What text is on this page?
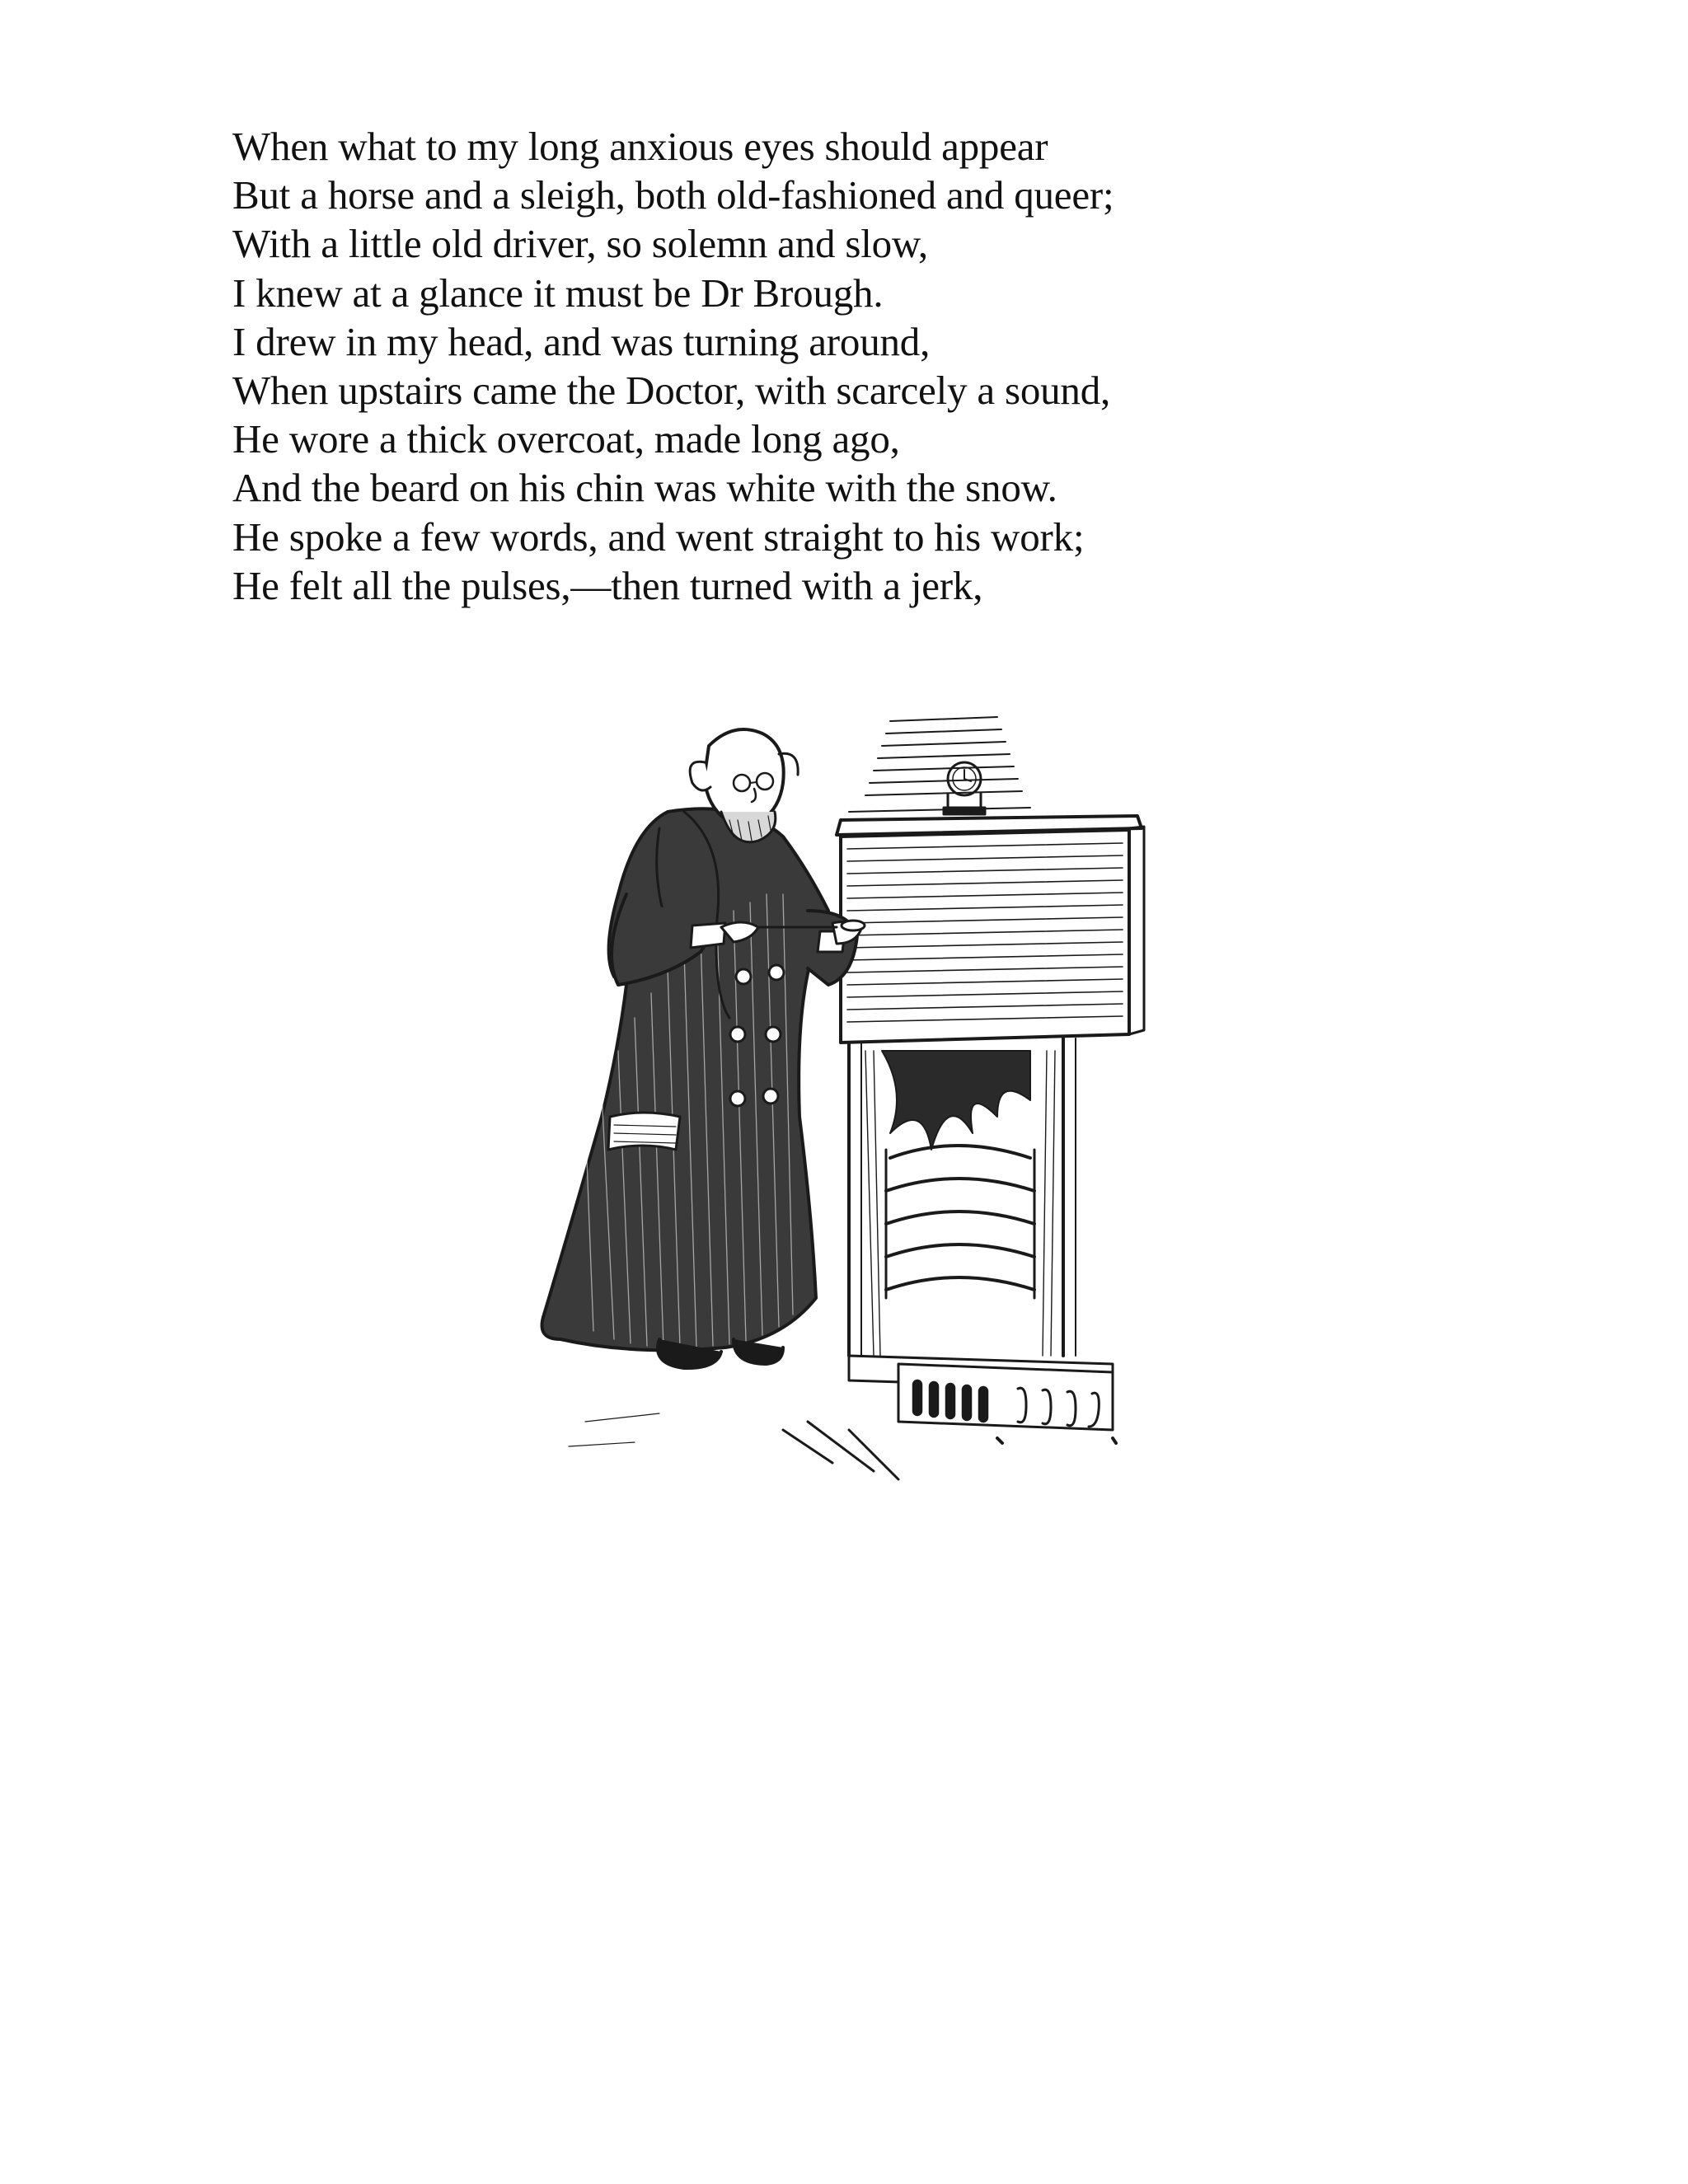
When what to my long anxious eyes should appear
But a horse and a sleigh, both old-fashioned and queer;
With a little old driver, so solemn and slow,
I knew at a glance it must be Dr Brough.
I drew in my head, and was turning around,
When upstairs came the Doctor, with scarcely a sound,
He wore a thick overcoat, made long ago,
And the beard on his chin was white with the snow.
He spoke a few words, and went straight to his work;
He felt all the pulses,—then turned with a jerk,
